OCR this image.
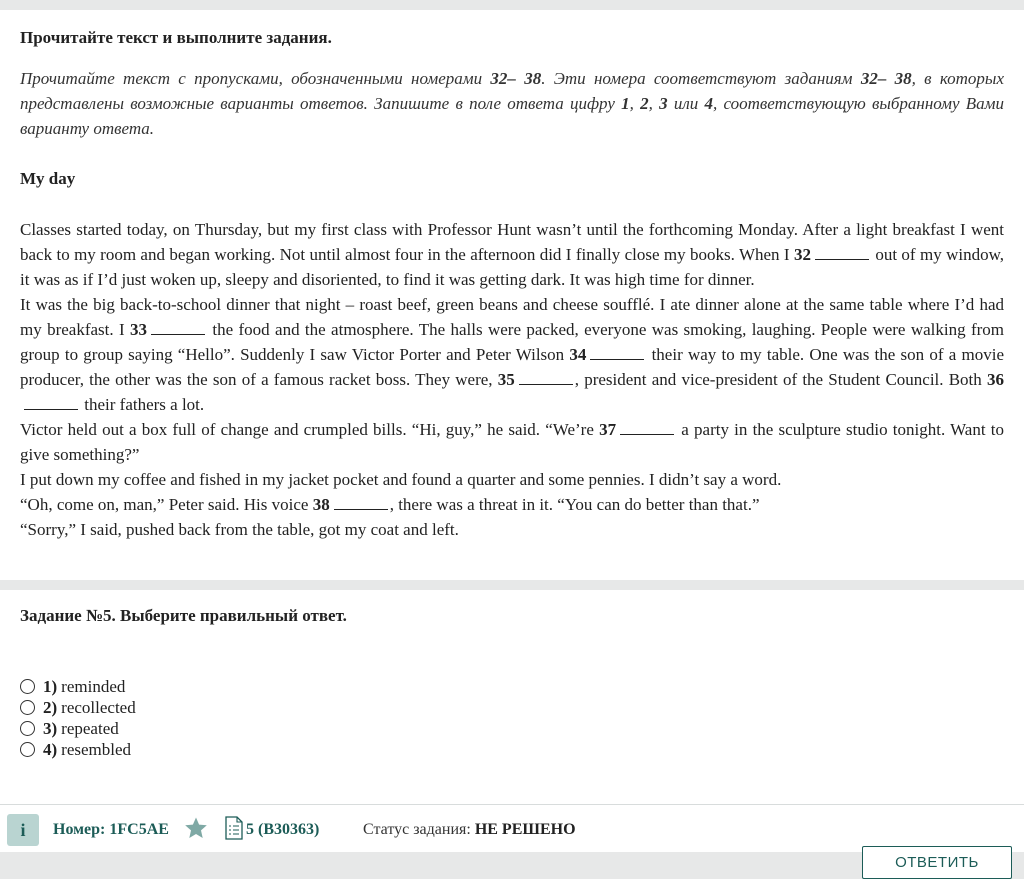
Прочитайте текст и выполните задания.

Прочитайте текст с пропусками, обозначенными номерами 32– 38. Эти номера соответствуют заданиям 32– 38, в которых представлены возможные варианты ответов. Запишите в поле ответа цифру 1, 2, 3 или 4, соответствующую выбранному Вами варианту ответа.

My day

Classes started today, on Thursday, but my first class with Professor Hunt wasn’t until the forthcoming Monday. After a light breakfast I went back to my room and began working. Not until almost four in the afternoon did I finally close my books. When I 32	out of my window, it was as if I’d just woken up, sleepy and disoriented, to find it was getting dark. It was high time for dinner.

It was the big back-to-school dinner that night – roast beef, green beans and cheese soufflé. I ate dinner alone at the same table where I’d had my breakfast. I 33	the food and the atmosphere. The halls were packed, everyone was smoking, laughing. People were walking from group to group saying “Hello”. Suddenly I saw Victor Porter and Peter Wilson 34	their way to my table. One was the son of a movie producer, the other was the son of a famous racket boss. They were, 35	, president and vice-president of the Student Council. Both 36 their fathers a lot.

Victor held out a box full of change and crumpled bills. “Hi, guy,” he said. “We’re 37	a party in the sculpture studio tonight. Want to give something?”

I put down my coffee and fished in my jacket pocket and found a quarter and some pennies. I didn’t say a word.

“Oh, come on, man,” Peter said. His voice 38	, there was a threat in it. “You can do better than that.”

“Sorry,” I said, pushed back from the table, got my coat and left.

Задание №5. Выберите правильный ответ.

1) reminded
2) recollected
3) repeated
4) resembled
i	Номер: 1FC5AE	5 (B30363)	Статус задания: НЕ РЕШЕНО
ОТВЕТИТЬ
